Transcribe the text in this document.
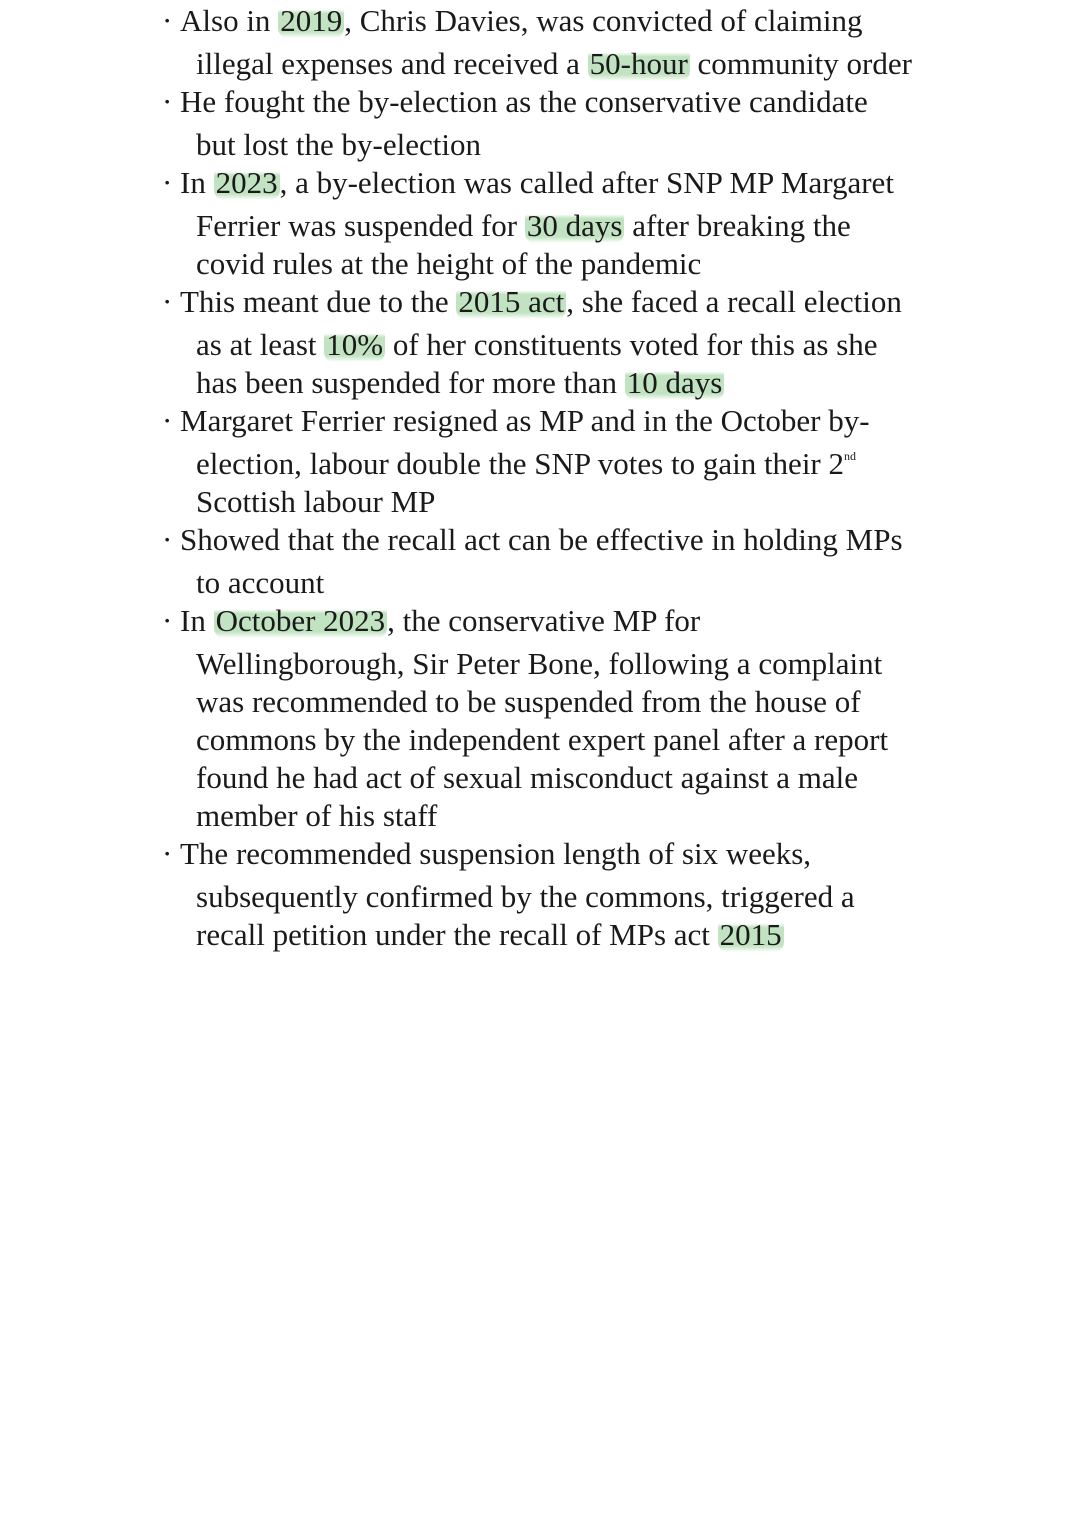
· Also in 2019, Chris Davies, was convicted of claiming
illegal expenses and received a 50-hour community order
· He fought the by-election as the conservative candidate
but lost the by-election
· In 2023, a by-election was called after SNP MP Margaret
Ferrier was suspended for 30 days after breaking the
covid rules at the height of the pandemic
· This meant due to the 2015 act, she faced a recall election
as at least 10% of her constituents voted for this as she
has been suspended for more than 10 days
· Margaret Ferrier resigned as MP and in the October by-
election, labour double the SNP votes to gain their 2nd
Scottish labour MP
· Showed that the recall act can be effective in holding MPs
to account
· In October 2023, the conservative MP for
Wellingborough, Sir Peter Bone, following a complaint
was recommended to be suspended from the house of
commons by the independent expert panel after a report
found he had act of sexual misconduct against a male
member of his staff
· The recommended suspension length of six weeks,
subsequently confirmed by the commons, triggered a
recall petition under the recall of MPs act 2015
